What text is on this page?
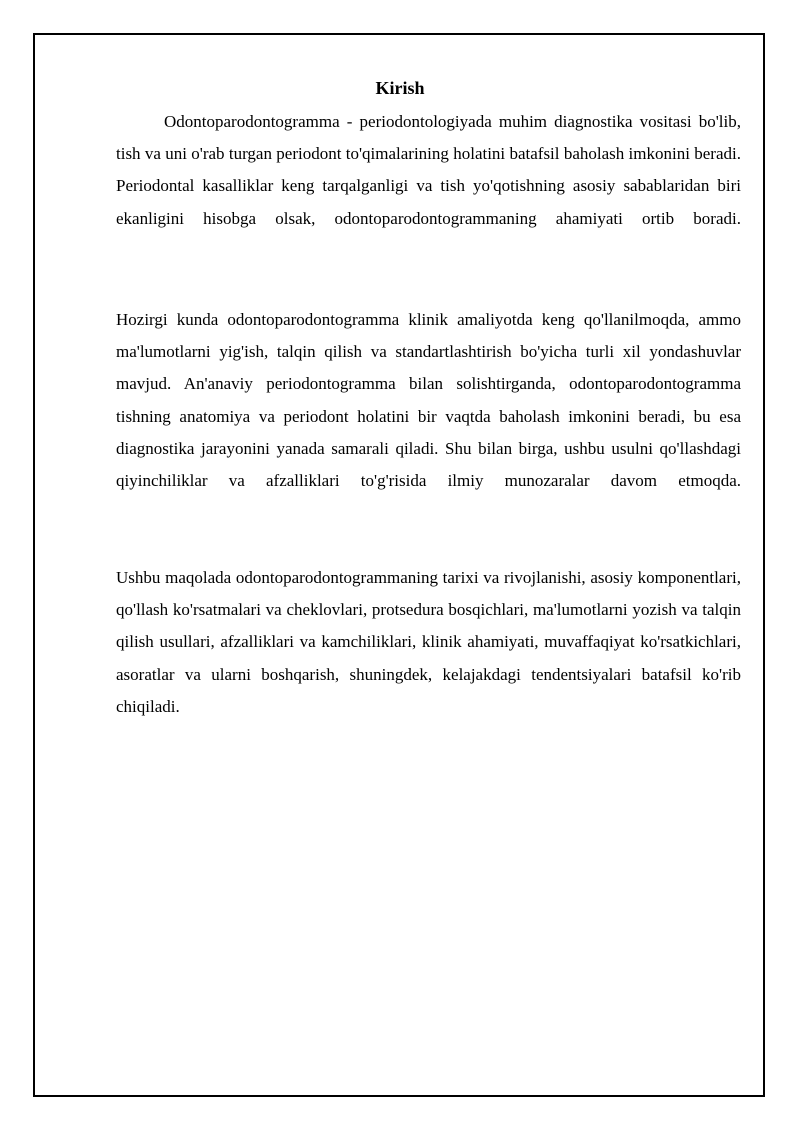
Kirish

Odontoparodontogramma - periodontologiyada muhim diagnostika vositasi bo'lib, tish va uni o'rab turgan periodont to'qimalarining holatini batafsil baholash imkonini beradi. Periodontal kasalliklar keng tarqalganligi va tish yo'qotishning asosiy sabablaridan biri ekanligini hisobga olsak, odontoparodontogrammaning ahamiyati ortib boradi.

Hozirgi kunda odontoparodontogramma klinik amaliyotda keng qo'llanilmoqda, ammo ma'lumotlarni yig'ish, talqin qilish va standartlashtirish bo'yicha turli xil yondashuvlar mavjud. An'anaviy periodontogramma bilan solishtirganda, odontoparodontogramma tishning anatomiya va periodont holatini bir vaqtda baholash imkonini beradi, bu esa diagnostika jarayonini yanada samarali qiladi. Shu bilan birga, ushbu usulni qo'llashdagi qiyinchiliklar va afzalliklari to'g'risida ilmiy munozaralar davom etmoqda.

Ushbu maqolada odontoparodontogrammaning tarixi va rivojlanishi, asosiy komponentlari, qo'llash ko'rsatmalari va cheklovlari, protsedura bosqichlari, ma'lumotlarni yozish va talqin qilish usullari, afzalliklari va kamchiliklari, klinik ahamiyati, muvaffaqiyat ko'rsatkichlari, asoratlar va ularni boshqarish, shuningdek, kelajakdagi tendentsiyalari batafsil ko'rib chiqiladi.
